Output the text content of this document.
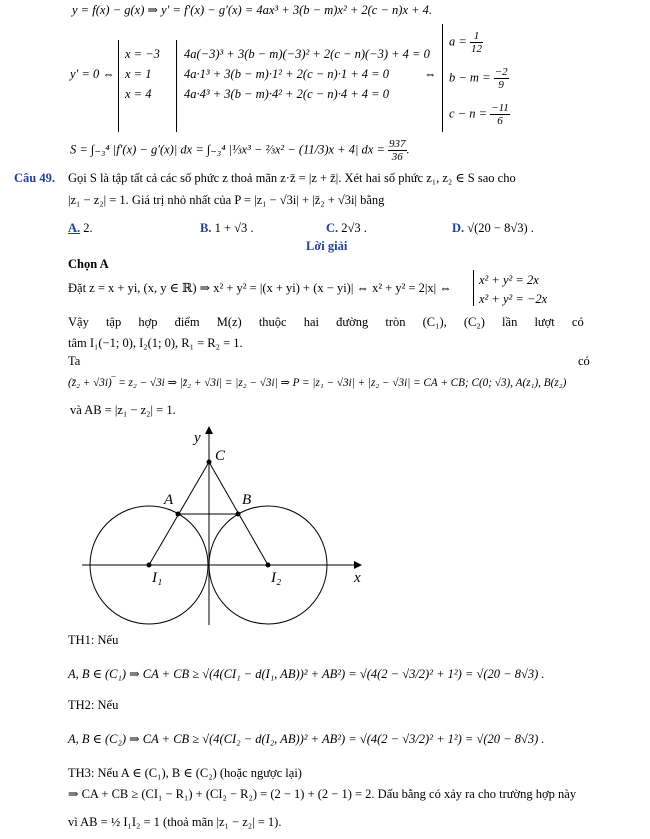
y = f(x) − g(x) ⇒ y′ = f′(x) − g′(x) = 4ax³ + 3(b − m)x² + 2(c − n)x + 4.
y′ = 0 ⇔
x = −3
x = 1
x = 4
4a(−3)³ + 3(b − m)(−3)² + 2(c − n)(−3) + 4 = 0
4a·1³ + 3(b − m)·1² + 2(c − n)·1 + 4 = 0
4a·4³ + 3(b − m)·4² + 2(c − n)·4 + 4 = 0
⇔
$a = \frac{1}{12}$
$b - m = \frac{-2}{9}$
$c - n = \frac{-11}{6}$
S = ∫₋₃⁴ |f′(x) − g′(x)| dx = ∫₋₃⁴ |⅓x³ − ⅔x² − (11/3)x + 4| dx = $\frac{937}{36}$ .
Câu 49. Gọi S là tập tất cả các số phức z thoả mãn z·z̄ = |z + z̄|. Xét hai số phức z₁, z₂ ∈ S sao cho
|z₁ − z₂| = 1. Giá trị nhỏ nhất của P = |z₁ − √3i| + |z̄₂ + √3i| bằng
A. 2.	B. 1 + √3 .	C. 2√3 .	D. √(20 − 8√3) .
Lời giải
Chọn A
Đặt z = x + yi, (x, y ∈ ℝ) ⇒ x² + y² = |(x + yi) + (x − yi)| ⇔ x² + y² = 2|x| ⇔
x² + y² = 2x
x² + y² = −2x
Vậy tập hợp điểm M(z) thuộc hai đường tròn (C₁), (C₂) lần lượt có
tâm I₁(−1; 0), I₂(1; 0), R₁ = R₂ = 1.
Ta	có
(z̄₂ + √3i)‾ = z₂ − √3i ⇒ |z̄₂ + √3i| = |z₂ − √3i| ⇒ P = |z₁ − √3i| + |z₂ − √3i| = CA + CB; C(0; √3), A(z₁), B(z₂)
và AB = |z₁ − z₂| = 1.
y
x
C
A	B
I₁	I₂
TH1: Nếu
A, B ∈ (C₁) ⇒ CA + CB ≥ √(4(CI₁ − d(I₁, AB))² + AB²) = √(4(2 − √3/2)² + 1²) = √(20 − 8√3) .
TH2: Nếu
A, B ∈ (C₂) ⇒ CA + CB ≥ √(4(CI₂ − d(I₂, AB))² + AB²) = √(4(2 − √3/2)² + 1²) = √(20 − 8√3) .
TH3: Nếu A ∈ (C₁), B ∈ (C₂) (hoặc ngược lại)
⇒ CA + CB ≥ (CI₁ − R₁) + (CI₂ − R₂) = (2 − 1) + (2 − 1) = 2. Dấu bằng có xảy ra cho trường hợp này
vì AB = ½ I₁I₂ = 1 (thoả mãn |z₁ − z₂| = 1).
